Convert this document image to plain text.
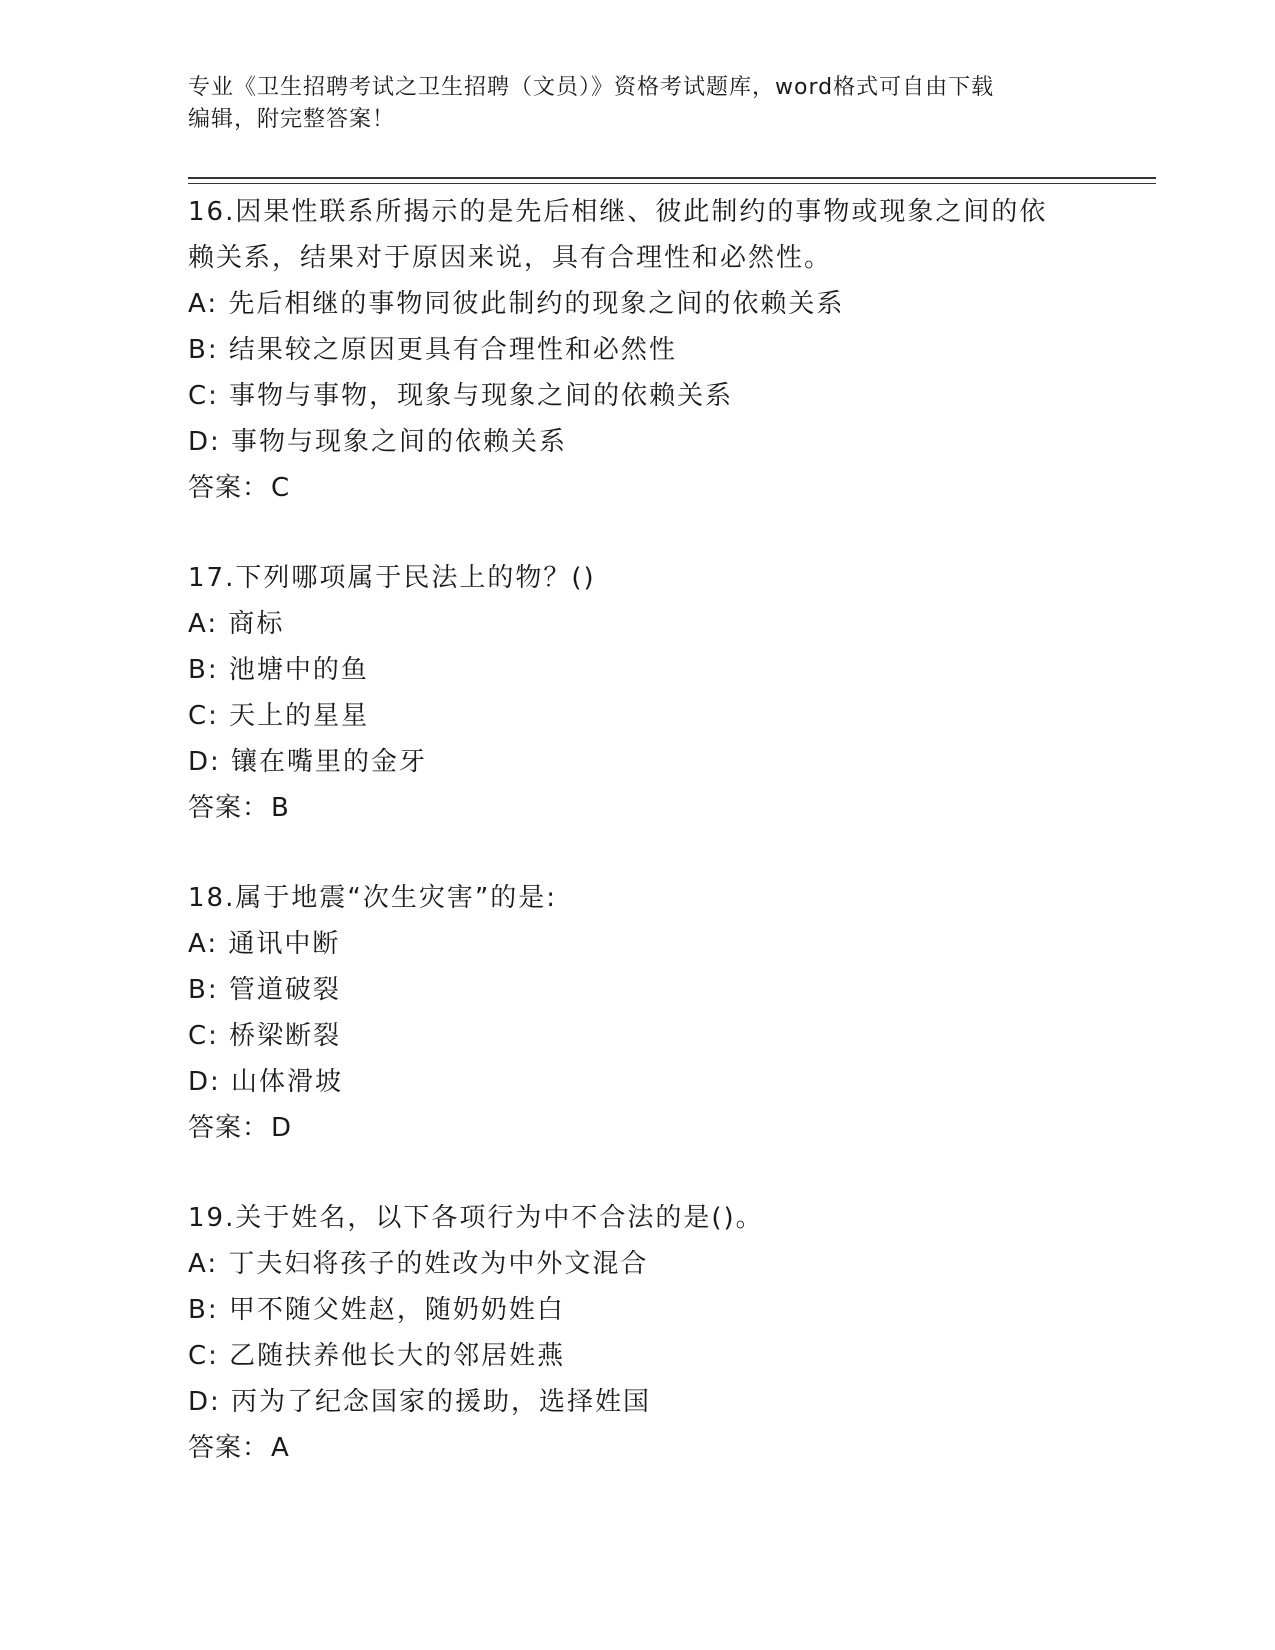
专业《卫生招聘考试之卫生招聘（文员）》资格考试题库，word格式可自由下载
编辑，附完整答案！
16.因果性联系所揭示的是先后相继、彼此制约的事物或现象之间的依
赖关系，结果对于原因来说，具有合理性和必然性。
A: 先后相继的事物同彼此制约的现象之间的依赖关系
B: 结果较之原因更具有合理性和必然性
C: 事物与事物，现象与现象之间的依赖关系
D: 事物与现象之间的依赖关系
答案：C
17.下列哪项属于民法上的物？()
A: 商标
B: 池塘中的鱼
C: 天上的星星
D: 镶在嘴里的金牙
答案：B
18.属于地震“次生灾害”的是:
A: 通讯中断
B: 管道破裂
C: 桥梁断裂
D: 山体滑坡
答案：D
19.关于姓名，以下各项行为中不合法的是()。
A: 丁夫妇将孩子的姓改为中外文混合
B: 甲不随父姓赵，随奶奶姓白
C: 乙随扶养他长大的邻居姓燕
D: 丙为了纪念国家的援助，选择姓国
答案：A
